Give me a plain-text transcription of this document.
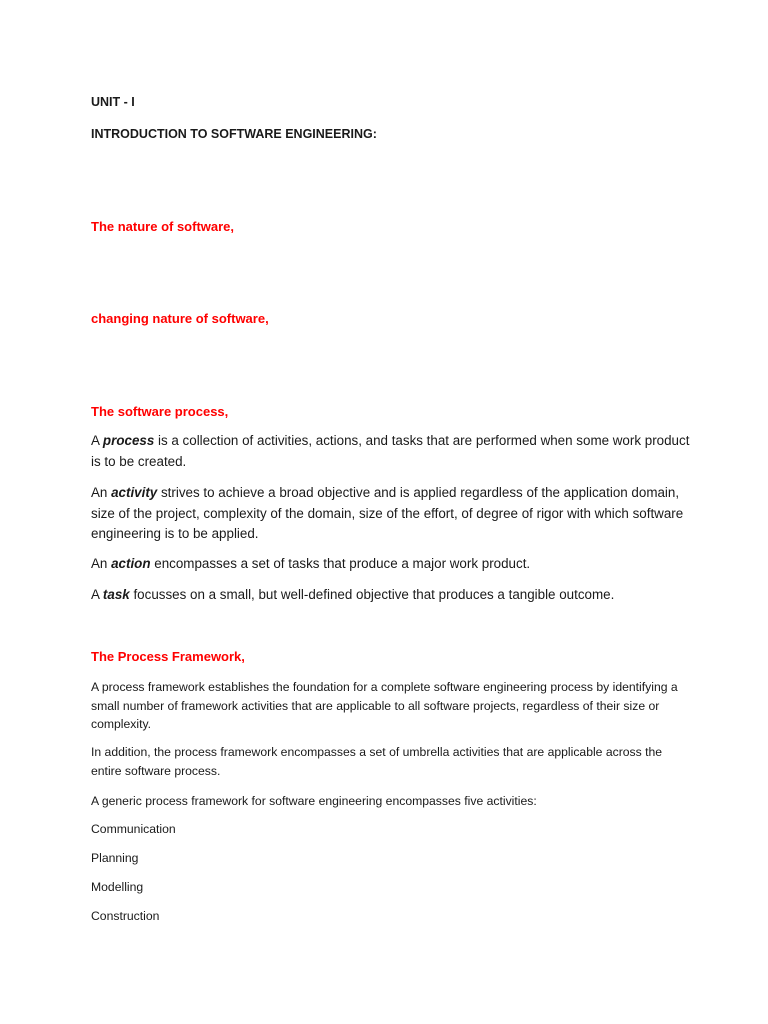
UNIT - I

INTRODUCTION TO SOFTWARE ENGINEERING:

The nature of software,

changing nature of software,

The software process,

A process is a collection of activities, actions, and tasks that are performed when some work product is to be created.

An activity strives to achieve a broad objective and is applied regardless of the application domain, size of the project, complexity of the domain, size of the effort, of degree of rigor with which software engineering is to be applied.

An action encompasses a set of tasks that produce a major work product.

A task focusses on a small, but well-defined objective that produces a tangible outcome.

The Process Framework,

A process framework establishes the foundation for a complete software engineering process by identifying a small number of framework activities that are applicable to all software projects, regardless of their size or complexity.

In addition, the process framework encompasses a set of umbrella activities that are applicable across the entire software process.

A generic process framework for software engineering encompasses five activities:

Communication

Planning

Modelling

Construction
